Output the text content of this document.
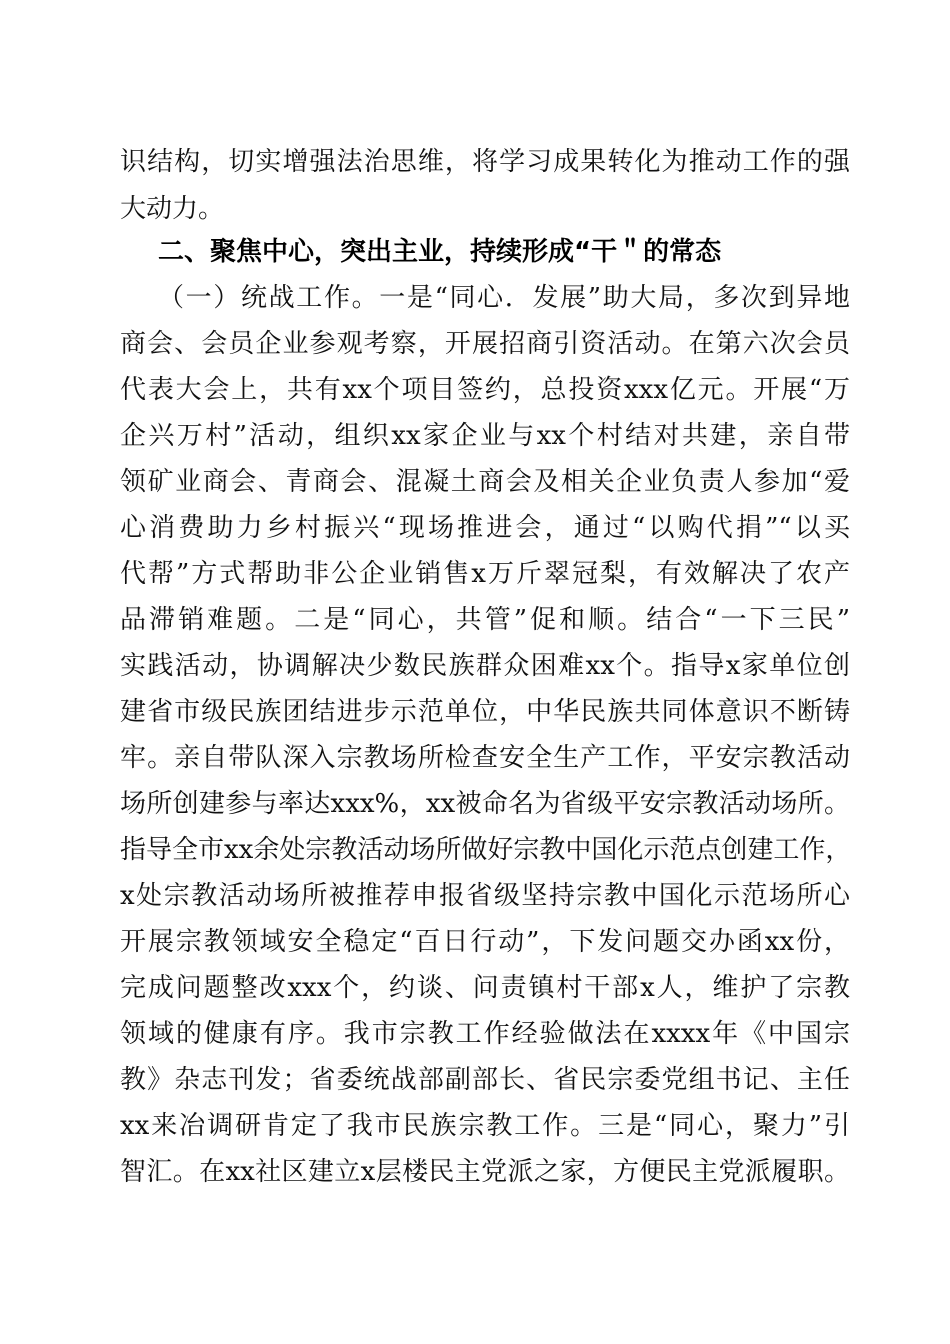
识结构，切实增强法治思维，将学习成果转化为推动工作的强
大动力。
二、聚焦中心，突出主业，持续形成“干＂的常态
（一）统战工作。一是“同心．发展”助大局，多次到异地
商会、会员企业参观考察，开展招商引资活动。在第六次会员
代表大会上，共有xx个项目签约，总投资xxx亿元。开展“万
企兴万村”活动，组织xx家企业与xx个村结对共建，亲自带
领矿业商会、青商会、混凝土商会及相关企业负责人参加“爱
心消费助力乡村振兴“现场推进会，通过“以购代捐”“以买
代帮”方式帮助非公企业销售x万斤翠冠梨，有效解决了农产
品滞销难题。二是“同心，共管”促和顺。结合“一下三民”
实践活动，协调解决少数民族群众困难xx个。指导x家单位创
建省市级民族团结进步示范单位，中华民族共同体意识不断铸
牢。亲自带队深入宗教场所检查安全生产工作，平安宗教活动
场所创建参与率达xxx%，xx被命名为省级平安宗教活动场所。
指导全市xx余处宗教活动场所做好宗教中国化示范点创建工作，
x处宗教活动场所被推荐申报省级坚持宗教中国化示范场所心
开展宗教领域安全稳定“百日行动”，下发问题交办函xx份，
完成问题整改xxx个，约谈、问责镇村干部x人，维护了宗教
领域的健康有序。我市宗教工作经验做法在xxxx年《中国宗
教》杂志刊发；省委统战部副部长、省民宗委党组书记、主任
xx来冶调研肯定了我市民族宗教工作。三是“同心，聚力”引
智汇。在xx社区建立x层楼民主党派之家，方便民主党派履职。
